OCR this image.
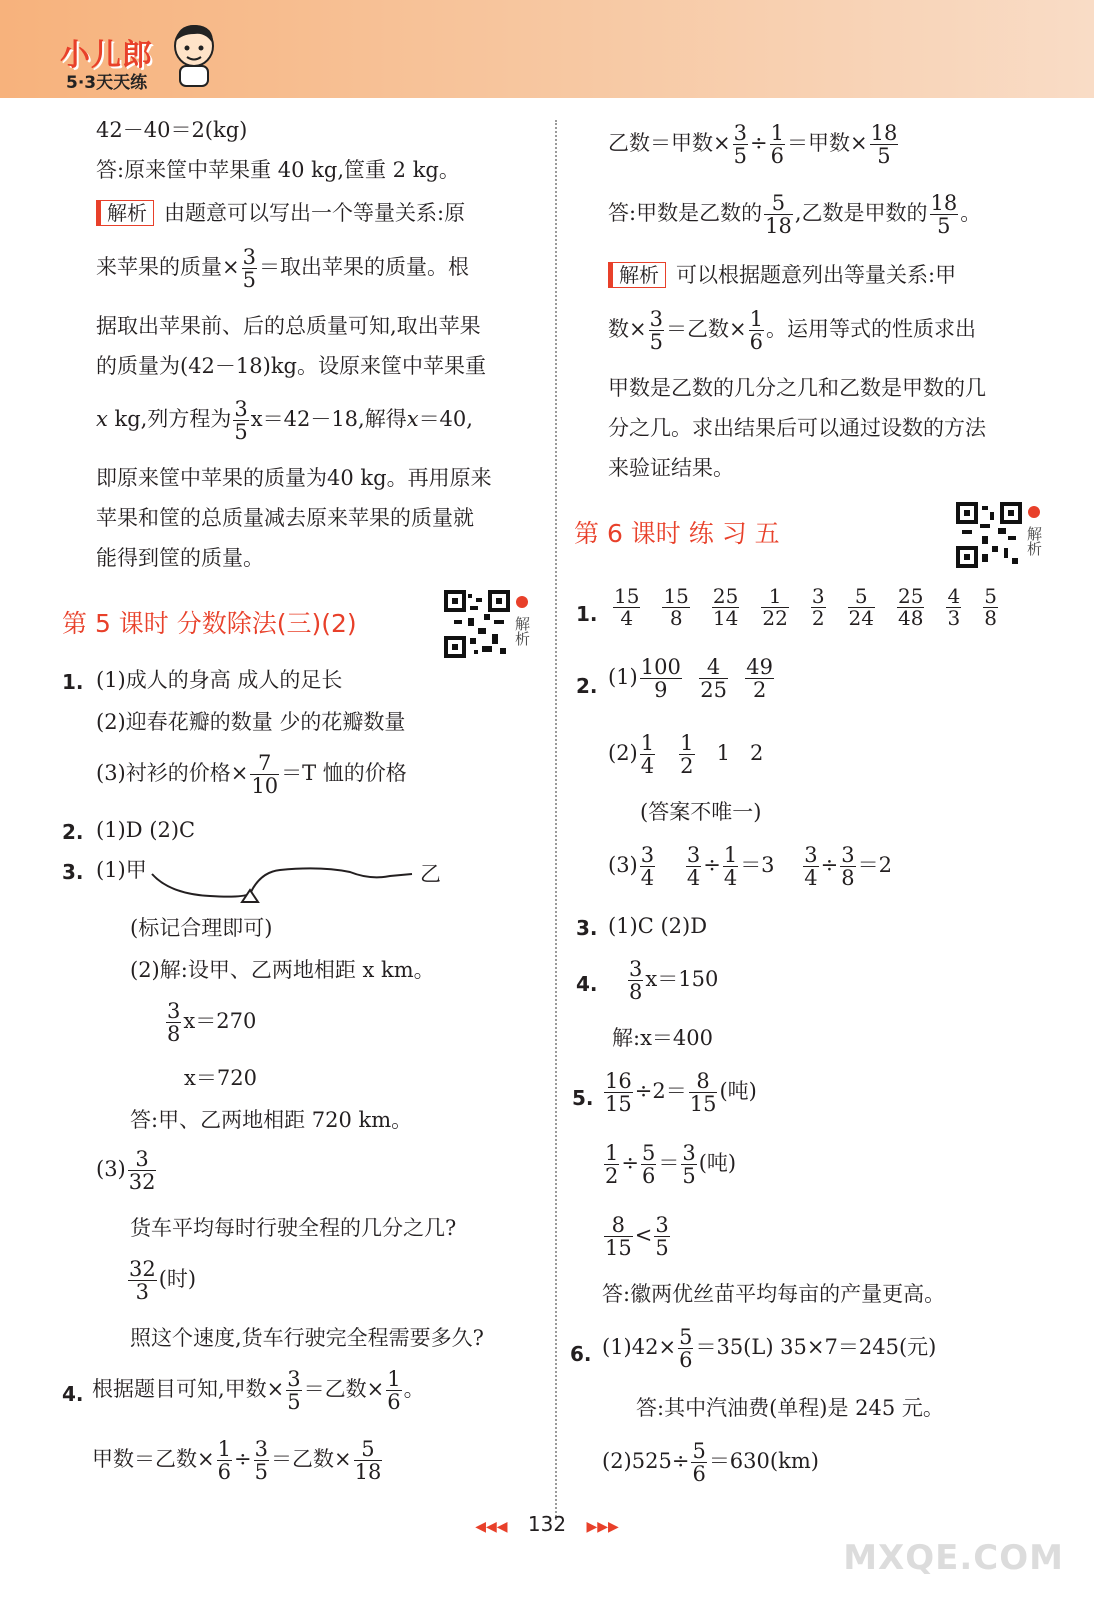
小儿郎
5·3天天练
42－40＝2(kg)
答:原来筐中苹果重 40 kg,筐重 2 kg。
解析 由题意可以写出一个等量关系:原
来苹果的质量× $\frac{3}{5}$ ＝取出苹果的质量。根
据取出苹果前、后的总质量可知,取出苹果
的质量为(42－18)kg。设原来筐中苹果重
x kg,列方程为 $\frac{3}{5} x=42-18$,解得x＝40,
即原来筐中苹果的质量为40 kg。再用原来
苹果和筐的总质量减去原来苹果的质量就
能得到筐的质量。
第 5 课时 分数除法(三)(2)	解析
1. (1)成人的身高 成人的足长
(2)迎春花瓣的数量 少的花瓣数量
(3)衬衫的价格× $\frac{7}{10} =T$ 恤的价格
2. (1)D (2)C
3. (1)甲	乙
(标记合理即可)
(2)解:设甲、乙两地相距 x km。
$\frac{3}{8} x=270$
x＝720
答:甲、乙两地相距 720 km。
$(3) \frac{3}{32}$
货车平均每时行驶全程的几分之几?
$\frac{32}{3}$ (时)
照这个速度,货车行驶完全程需要多久?
4. 根据题目可知,甲数× $\frac{3}{5}$ ＝乙数× $\frac{1}{6}$ 。
甲数＝乙数× $\frac{1}{6} \div \frac{3}{5}$ ＝乙数× $\frac{5}{18}$
乙数＝甲数× $\frac{3}{5} \div \frac{1}{6}$ ＝甲数× $\frac{18}{5}$
答:甲数是乙数的 $\frac{5}{18}$ ,乙数是甲数的 $\frac{18}{5}$ 。
解析 可以根据题意列出等量关系:甲
数× $\frac{3}{5}$ ＝乙数× $\frac{1}{6}$ 。运用等式的性质求出
甲数是乙数的几分之几和乙数是甲数的几
分之几。求出结果后可以通过设数的方法
来验证结果。
第 6 课时 练 习 五	解析
1. $\frac{15}{4} \frac{15}{8} \frac{25}{14} \frac{1}{22} \frac{3}{2} \frac{5}{24} \frac{25}{48} \frac{4}{3} \frac{5}{8}$
2. $(1) \frac{100}{9}$
$\frac{4}{25}$
$\frac{49}{2}$
$(2) \frac{1}{4}$
$\frac{1}{2} 1$ 2
(答案不唯一)
$(3) \frac{3}{4}$
$\frac{3}{4} \div \frac{1}{4} =3 \frac{3}{4} \div \frac{3}{8} =2$
3. (1)C (2)D
4. $\frac{3}{8} x=150$
解:x＝400
5. $\frac{16}{15} \div 2= \frac{8}{15}$ (吨)
$\frac{1}{2} \div \frac{5}{6} = \frac{3}{5}$ (吨)
$\frac{8}{15} < \frac{3}{5}$
答:徽两优丝苗平均每亩的产量更高。
6. $(1)42\times \frac{5}{6} =35(L)$ 35×7＝245(元)
答:其中汽油费(单程)是 245 元。
$(2)525\div \frac{5}{6} =630(km)$
◀◀◀ 132 ▶▶▶
MXQE.COM
